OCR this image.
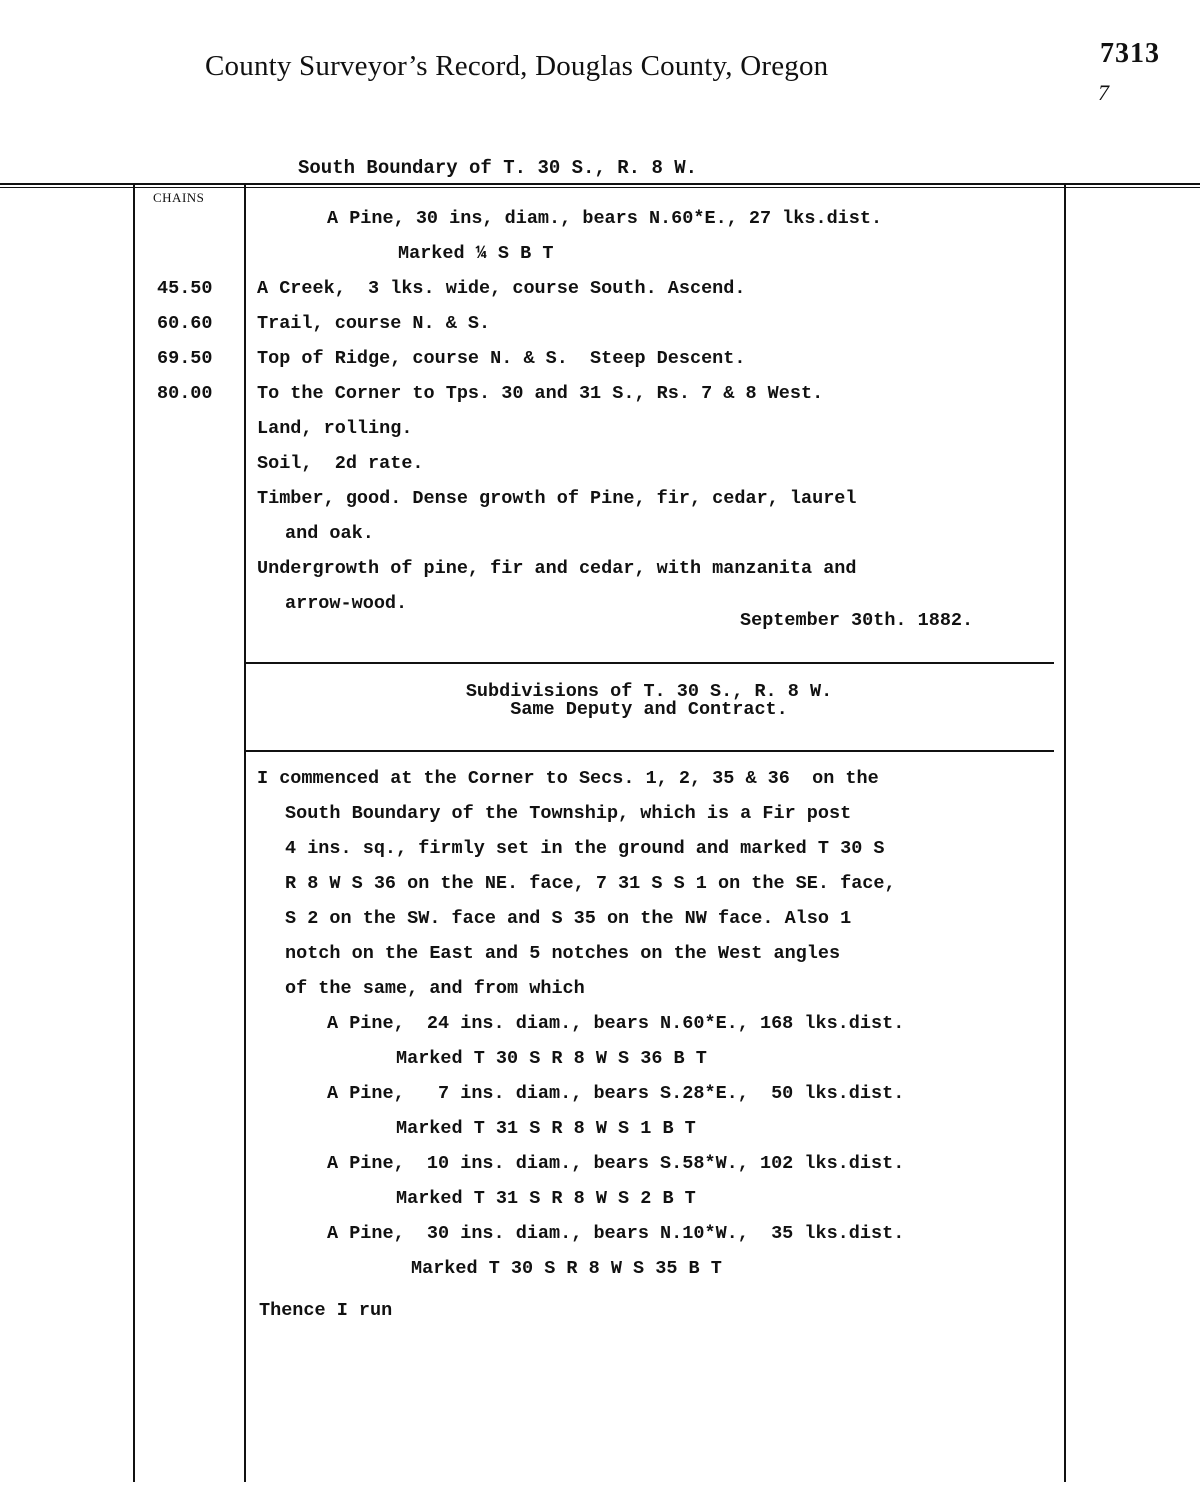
County Surveyor’s Record, Douglas County, Oregon	7313
7
South Boundary of T. 30 S., R. 8 W.
CHAINS
A Pine, 30 ins, diam., bears N.60*E., 27 lks.dist.
Marked ¼ S B T
45.50 A Creek,  3 lks. wide, course South. Ascend.
60.60 Trail, course N. & S.
69.50 Top of Ridge, course N. & S.  Steep Descent.
80.00 To the Corner to Tps. 30 and 31 S., Rs. 7 & 8 West.
Land, rolling.
Soil,  2d rate.
Timber, good. Dense growth of Pine, fir, cedar, laurel
and oak.
Undergrowth of pine, fir and cedar, with manzanita and
arrow-wood.
September 30th. 1882.
Subdivisions of T. 30 S., R. 8 W.
Same Deputy and Contract.
I commenced at the Corner to Secs. 1, 2, 35 & 36  on the
South Boundary of the Township, which is a Fir post
4 ins. sq., firmly set in the ground and marked T 30 S
R 8 W S 36 on the NE. face, 7 31 S S 1 on the SE. face,
S 2 on the SW. face and S 35 on the NW face. Also 1
notch on the East and 5 notches on the West angles
of the same, and from which
A Pine,  24 ins. diam., bears N.60*E., 168 lks.dist.
Marked T 30 S R 8 W S 36 B T
A Pine,   7 ins. diam., bears S.28*E.,  50 lks.dist.
Marked T 31 S R 8 W S 1 B T
A Pine,  10 ins. diam., bears S.58*W., 102 lks.dist.
Marked T 31 S R 8 W S 2 B T
A Pine,  30 ins. diam., bears N.10*W.,  35 lks.dist.
Marked T 30 S R 8 W S 35 B T
Thence I run
